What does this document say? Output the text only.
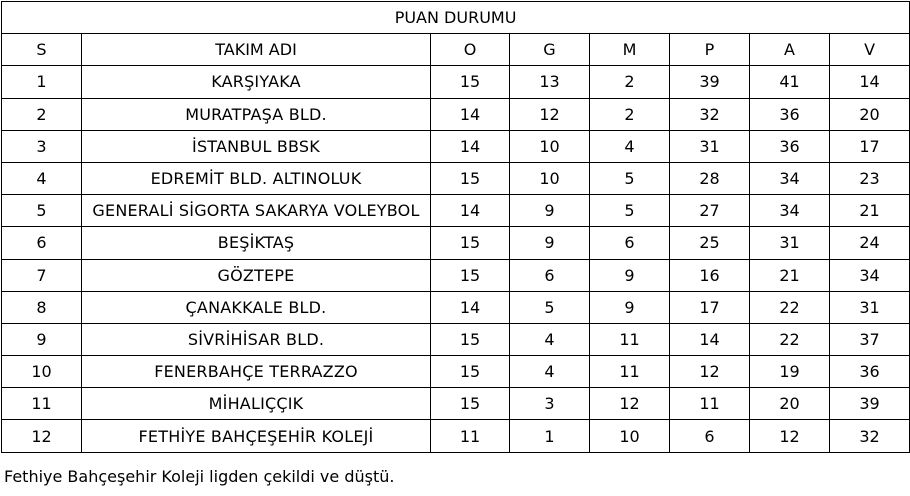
PUAN DURUMU							
S	TAKIM ADI	O	G	M	P	A	V
1	KARŞIYAKA	15	13	2	39	41	14
2	MURATPAŞA BLD.	14	12	2	32	36	20
3	İSTANBUL BBSK	14	10	4	31	36	17
4	EDREMİT BLD. ALTINOLUK	15	10	5	28	34	23
5	GENERALİ SİGORTA SAKARYA VOLEYBOL	14	9	5	27	34	21
6	BEŞİKTAŞ	15	9	6	25	31	24
7	GÖZTEPE	15	6	9	16	21	34
8	ÇANAKKALE BLD.	14	5	9	17	22	31
9	SİVRİHİSAR BLD.	15	4	11	14	22	37
10	FENERBAHÇE TERRAZZO	15	4	11	12	19	36
11	MİHALIÇÇIK	15	3	12	11	20	39
12	FETHİYE BAHÇEŞEHİR KOLEJİ	11	1	10	6	12	32
Fethiye Bahçeşehir Koleji ligden çekildi ve düştü.
